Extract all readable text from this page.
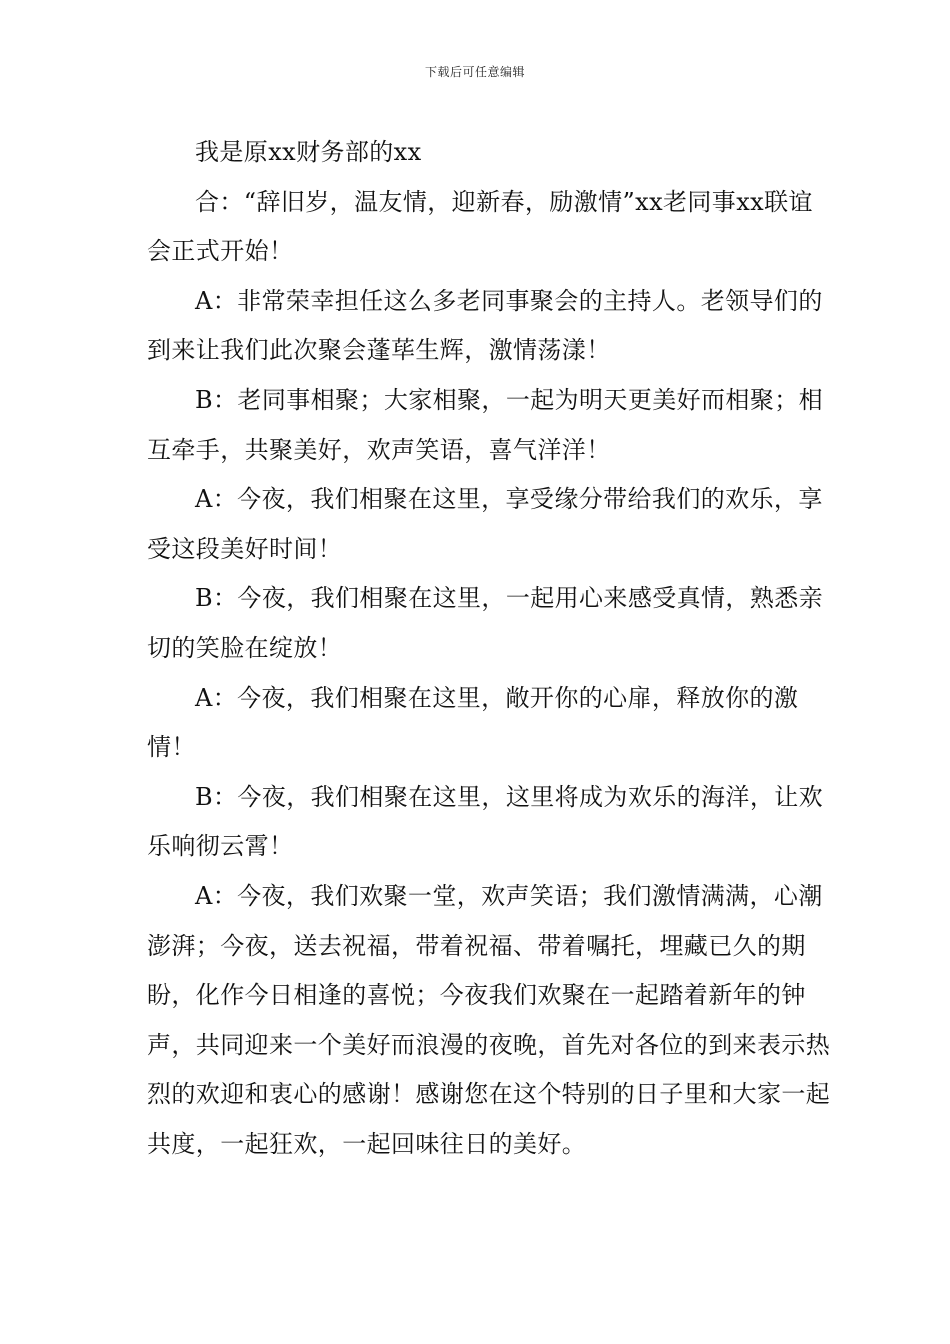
下载后可任意编辑

我是原xx财务部的xx

合：“辞旧岁，温友情，迎新春，励激情”xx老同事xx联谊会正式开始！

A：非常荣幸担任这么多老同事聚会的主持人。老领导们的到来让我们此次聚会蓬荜生辉，激情荡漾！

B：老同事相聚；大家相聚，一起为明天更美好而相聚；相互牵手，共聚美好，欢声笑语，喜气洋洋！

A：今夜，我们相聚在这里，享受缘分带给我们的欢乐，享受这段美好时间！

B：今夜，我们相聚在这里，一起用心来感受真情，熟悉亲切的笑脸在绽放！

A：今夜，我们相聚在这里，敞开你的心扉，释放你的激情！

B：今夜，我们相聚在这里，这里将成为欢乐的海洋，让欢乐响彻云霄！

A：今夜，我们欢聚一堂，欢声笑语；我们激情满满，心潮澎湃；今夜，送去祝福，带着祝福、带着嘱托，埋藏已久的期盼，化作今日相逢的喜悦；今夜我们欢聚在一起踏着新年的钟声，共同迎来一个美好而浪漫的夜晚，首先对各位的到来表示热烈的欢迎和衷心的感谢！感谢您在这个特别的日子里和大家一起共度，一起狂欢，一起回味往日的美好。
